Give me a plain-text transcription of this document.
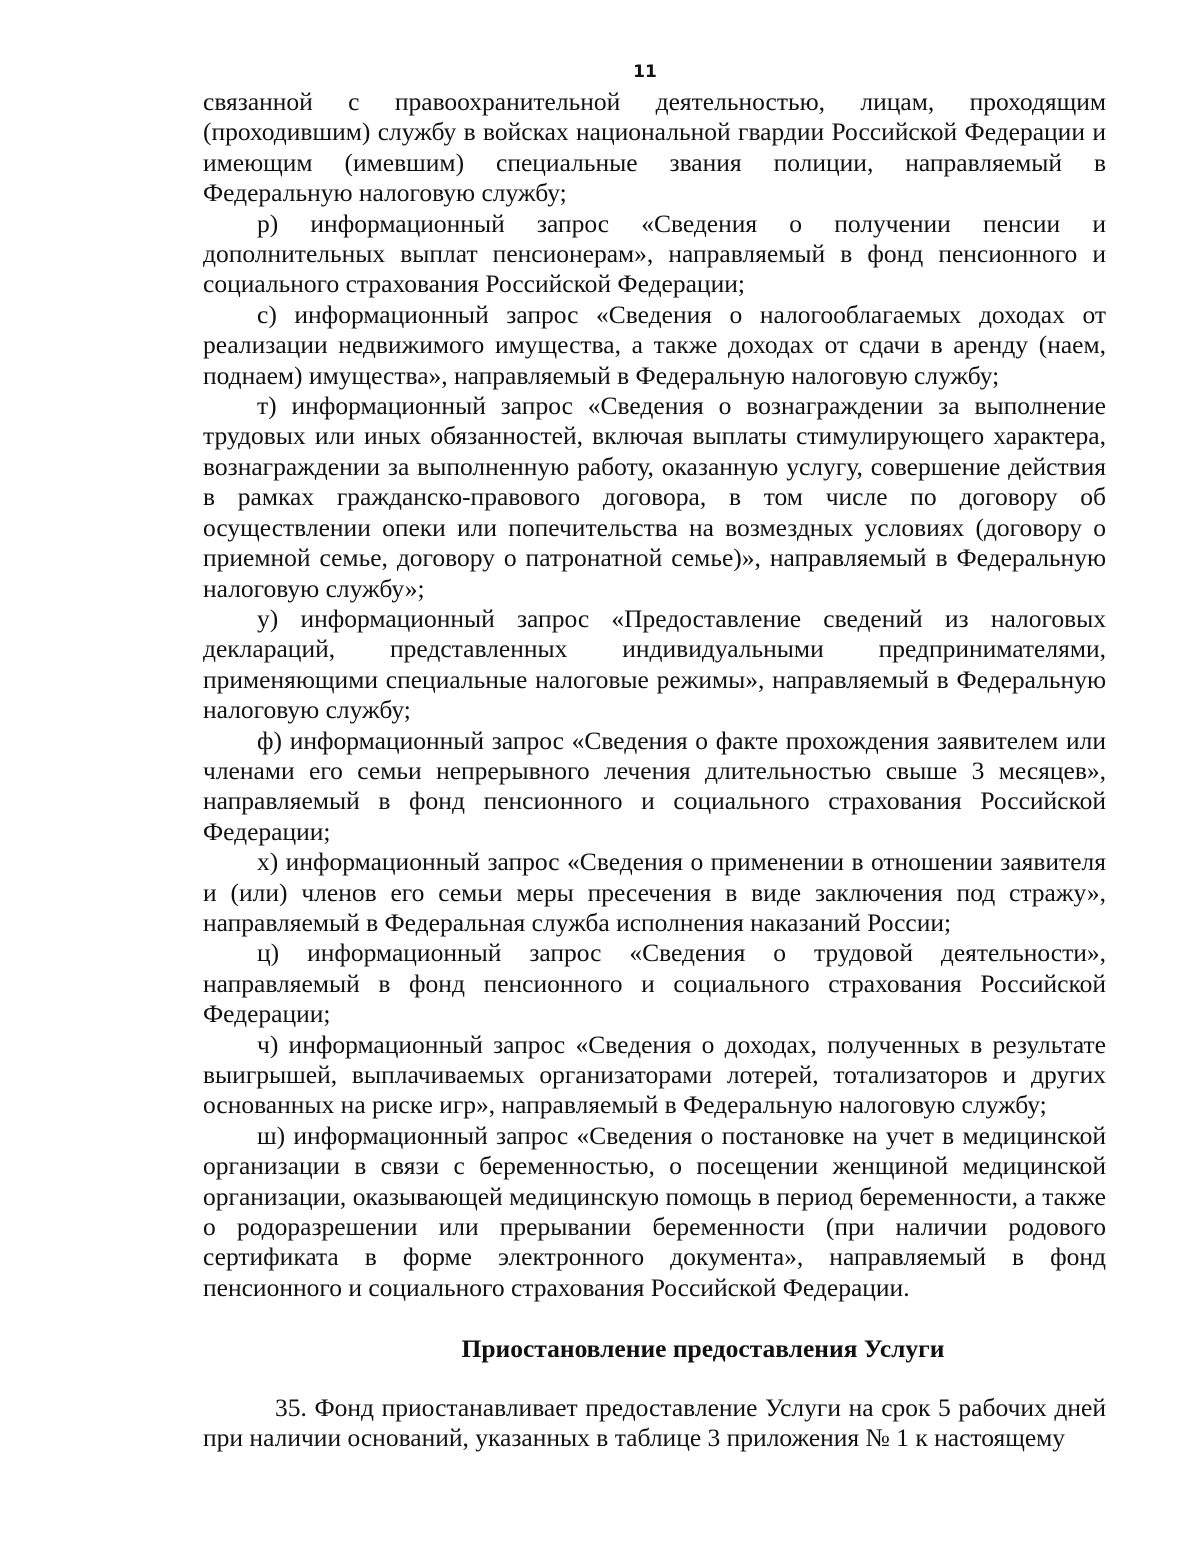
11

связанной с правоохранительной деятельностью, лицам, проходящим (проходившим) службу в войсках национальной гвардии Российской Федерации и имеющим (имевшим) специальные звания полиции, направляемый в Федеральную налоговую службу;

р) информационный запрос «Сведения о получении пенсии и дополнительных выплат пенсионерам», направляемый в фонд пенсионного и социального страхования Российской Федерации;

с) информационный запрос «Сведения о налогооблагаемых доходах от реализации недвижимого имущества, а также доходах от сдачи в аренду (наем, поднаем) имущества», направляемый в Федеральную налоговую службу;

т) информационный запрос «Сведения о вознаграждении за выполнение трудовых или иных обязанностей, включая выплаты стимулирующего характера, вознаграждении за выполненную работу, оказанную услугу, совершение действия в рамках гражданско-правового договора, в том числе по договору об осуществлении опеки или попечительства на возмездных условиях (договору о приемной семье, договору о патронатной семье)», направляемый в Федеральную налоговую службу»;

у) информационный запрос «Предоставление сведений из налоговых деклараций, представленных индивидуальными предпринимателями, применяющими специальные налоговые режимы», направляемый в Федеральную налоговую службу;

ф) информационный запрос «Сведения о факте прохождения заявителем или членами его семьи непрерывного лечения длительностью свыше 3 месяцев», направляемый в фонд пенсионного и социального страхования Российской Федерации;

х) информационный запрос «Сведения о применении в отношении заявителя и (или) членов его семьи меры пресечения в виде заключения под стражу», направляемый в Федеральная служба исполнения наказаний России;

ц) информационный запрос «Сведения о трудовой деятельности», направляемый в фонд пенсионного и социального страхования Российской Федерации;

ч) информационный запрос «Сведения о доходах, полученных в результате выигрышей, выплачиваемых организаторами лотерей, тотализаторов и других основанных на риске игр», направляемый в Федеральную налоговую службу;

ш) информационный запрос «Сведения о постановке на учет в медицинской организации в связи с беременностью, о посещении женщиной медицинской организации, оказывающей медицинскую помощь в период беременности, а также о родоразрешении или прерывании беременности (при наличии родового сертификата в форме электронного документа», направляемый в фонд пенсионного и социального страхования Российской Федерации.

Приостановление предоставления Услуги

35. Фонд приостанавливает предоставление Услуги на срок 5 рабочих дней при наличии оснований, указанных в таблице 3 приложения № 1 к настоящему
